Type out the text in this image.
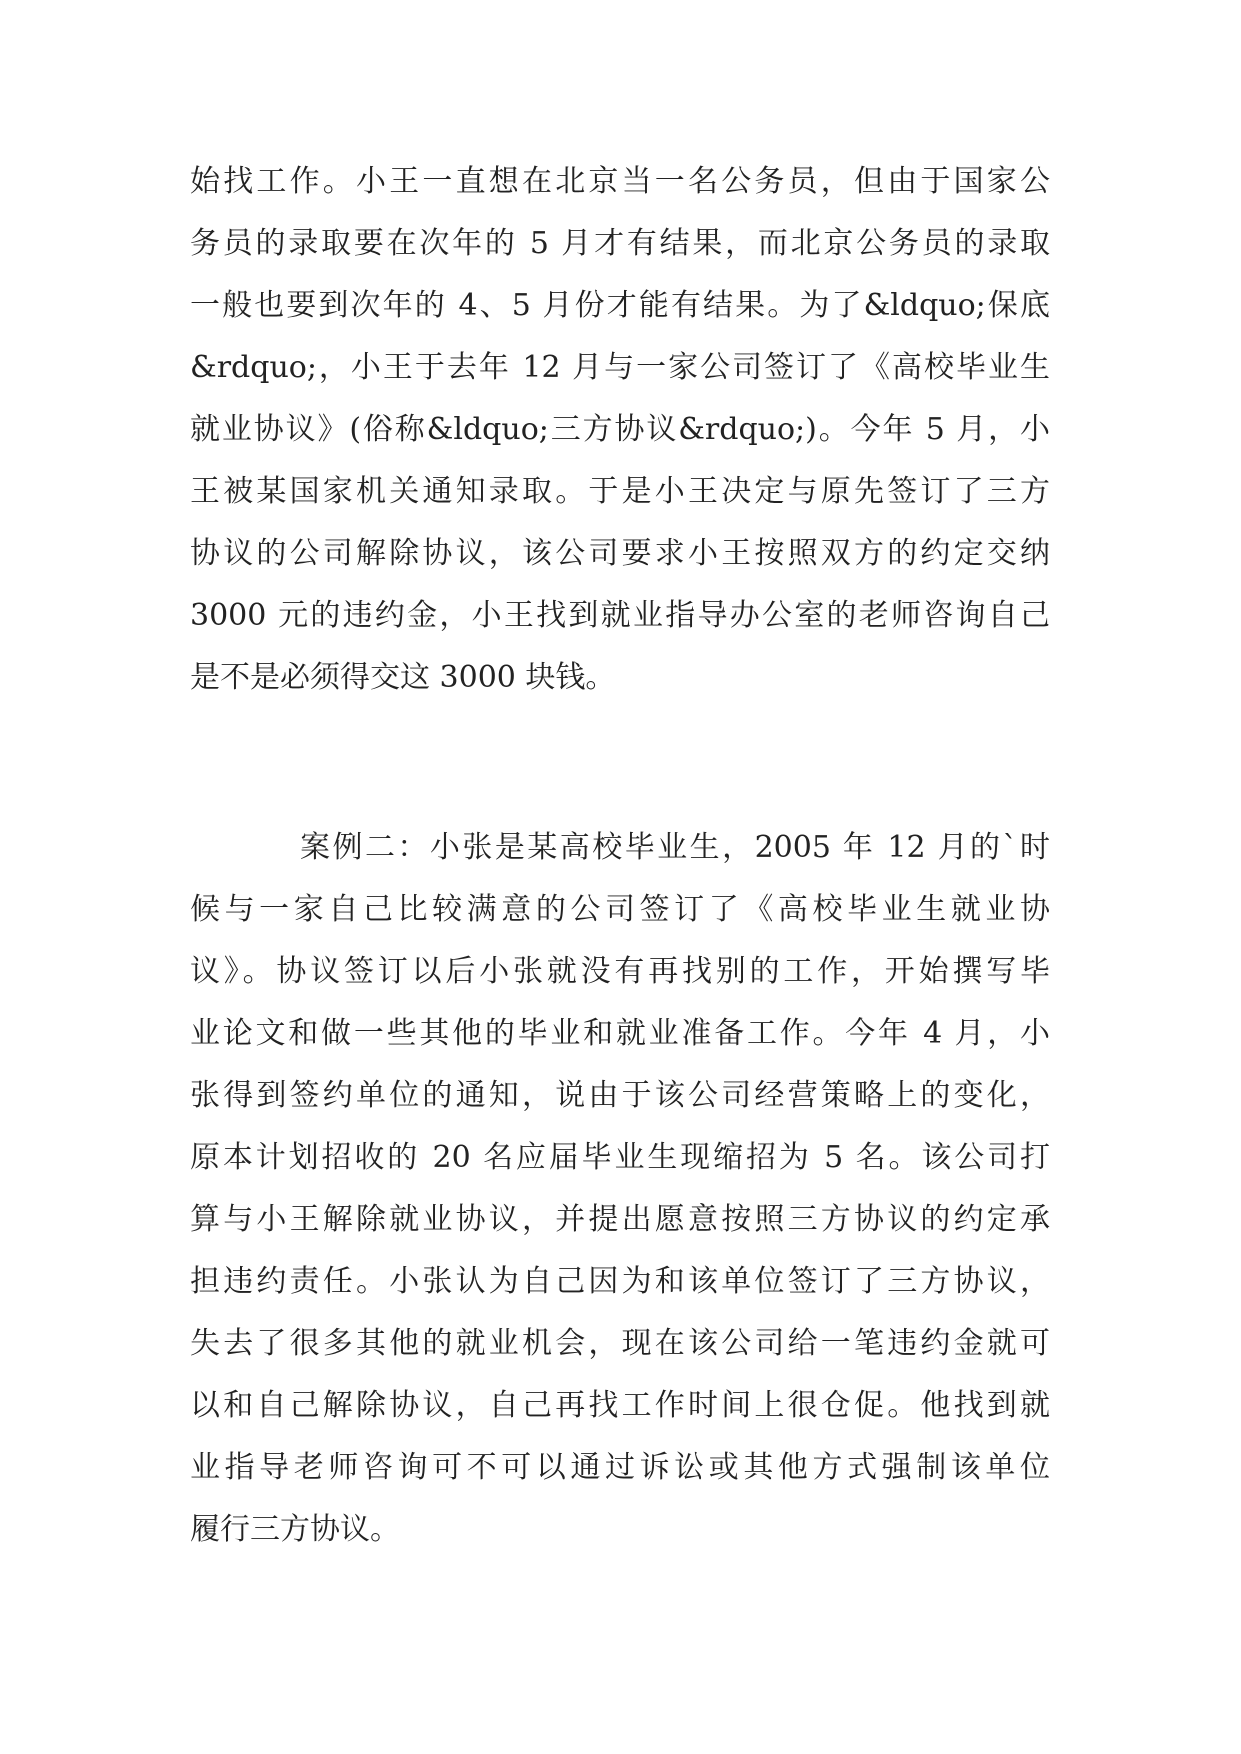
始找工作。小王一直想在北京当一名公务员，但由于国家公
务员的录取要在次年的 5 月才有结果，而北京公务员的录取
一般也要到次年的 4、5 月份才能有结果。为了&ldquo;保底
&rdquo;，小王于去年 12 月与一家公司签订了《高校毕业生
就业协议》(俗称&ldquo;三方协议&rdquo;)。今年 5 月，小
王被某国家机关通知录取。于是小王决定与原先签订了三方
协议的公司解除协议，该公司要求小王按照双方的约定交纳
3000 元的违约金，小王找到就业指导办公室的老师咨询自己
是不是必须得交这 3000 块钱。
案例二：小张是某高校毕业生，2005 年 12 月的`时
候与一家自己比较满意的公司签订了《高校毕业生就业协
议》。协议签订以后小张就没有再找别的工作，开始撰写毕
业论文和做一些其他的毕业和就业准备工作。今年 4 月，小
张得到签约单位的通知，说由于该公司经营策略上的变化，
原本计划招收的 20 名应届毕业生现缩招为 5 名。该公司打
算与小王解除就业协议，并提出愿意按照三方协议的约定承
担违约责任。小张认为自己因为和该单位签订了三方协议，
失去了很多其他的就业机会，现在该公司给一笔违约金就可
以和自己解除协议，自己再找工作时间上很仓促。他找到就
业指导老师咨询可不可以通过诉讼或其他方式强制该单位
履行三方协议。
